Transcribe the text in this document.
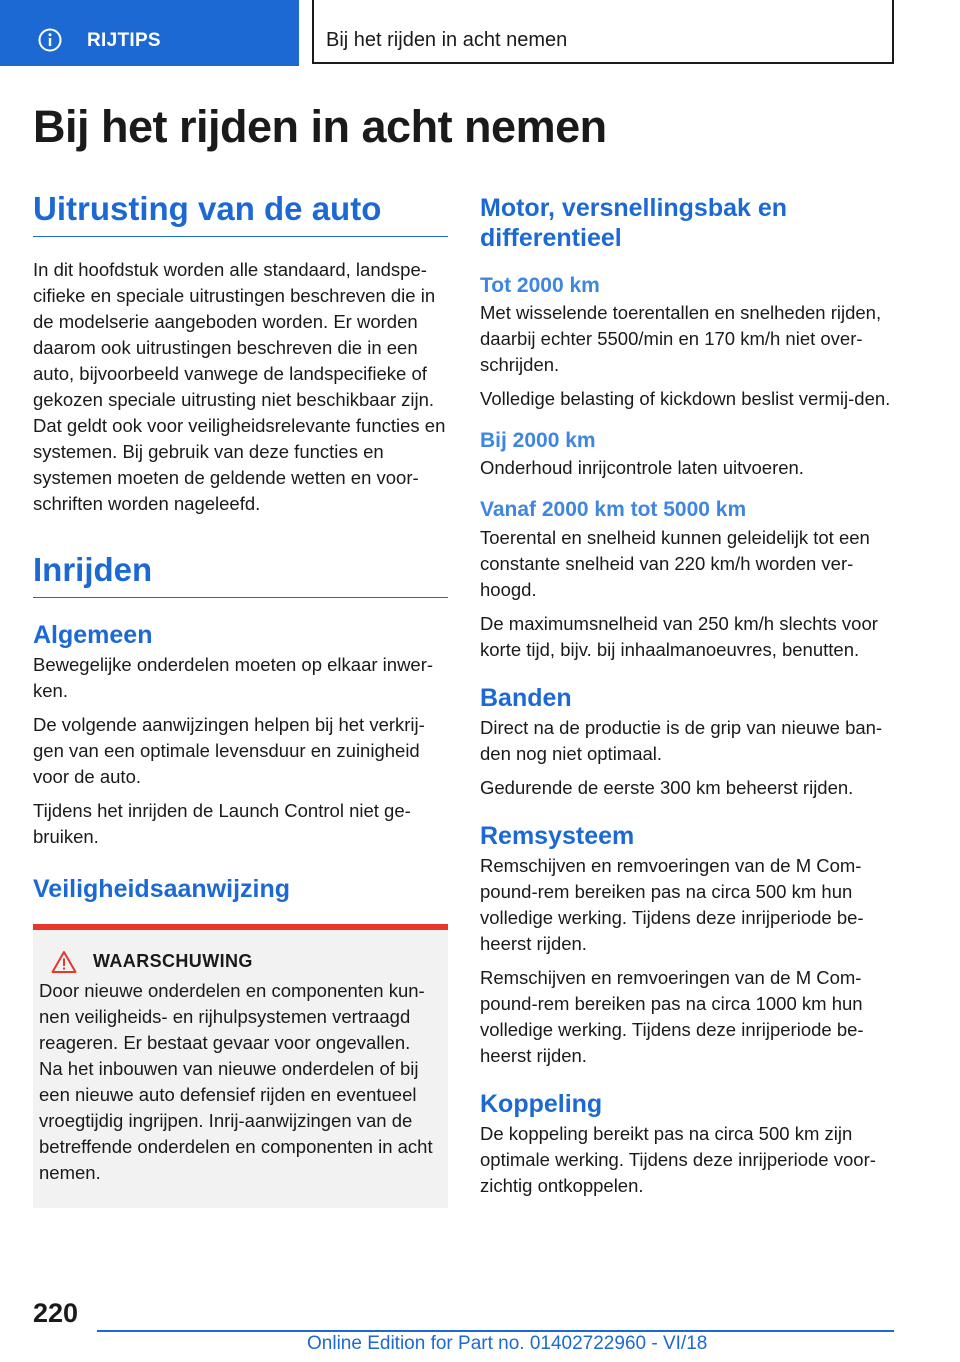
RIJTIPS	Bij het rijden in acht nemen
Bij het rijden in acht nemen
Uitrusting van de auto

In dit hoofdstuk worden alle standaard, landspe-cifieke en speciale uitrustingen beschreven die in de modelserie aangeboden worden. Er worden daarom ook uitrustingen beschreven die in een auto, bijvoorbeeld vanwege de landspecifieke of gekozen speciale uitrusting niet beschikbaar zijn. Dat geldt ook voor veiligheidsrelevante functies en systemen. Bij gebruik van deze functies en systemen moeten de geldende wetten en voor-schriften worden nageleefd.

Inrijden
Algemeen

Bewegelijke onderdelen moeten op elkaar inwer-ken.

De volgende aanwijzingen helpen bij het verkrij-gen van een optimale levensduur en zuinigheid voor de auto.

Tijdens het inrijden de Launch Control niet ge-bruiken.

Veiligheidsaanwijzing
WAARSCHUWING

Door nieuwe onderdelen en componenten kun-nen veiligheids- en rijhulpsystemen vertraagd reageren. Er bestaat gevaar voor ongevallen.

Na het inbouwen van nieuwe onderdelen of bij een nieuwe auto defensief rijden en eventueel vroegtijdig ingrijpen. Inrij-aanwijzingen van de betreffende onderdelen en componenten in acht nemen.

Motor, versnellingsbak en differentieel
Tot 2000 km

Met wisselende toerentallen en snelheden rijden, daarbij echter 5500/min en 170 km/h niet over-schrijden.

Volledige belasting of kickdown beslist vermij-den.

Bij 2000 km

Onderhoud inrijcontrole laten uitvoeren.

Vanaf 2000 km tot 5000 km

Toerental en snelheid kunnen geleidelijk tot een constante snelheid van 220 km/h worden ver-hoogd.

De maximumsnelheid van 250 km/h slechts voor korte tijd, bijv. bij inhaalmanoeuvres, benutten.

Banden

Direct na de productie is de grip van nieuwe ban-den nog niet optimaal.

Gedurende de eerste 300 km beheerst rijden.

Remsysteem

Remschijven en remvoeringen van de M Com-pound-rem bereiken pas na circa 500 km hun volledige werking. Tijdens deze inrijperiode be-heerst rijden.

Remschijven en remvoeringen van de M Com-pound-rem bereiken pas na circa 1000 km hun volledige werking. Tijdens deze inrijperiode be-heerst rijden.

Koppeling

De koppeling bereikt pas na circa 500 km zijn optimale werking. Tijdens deze inrijperiode voor-zichtig ontkoppelen.

220
Online Edition for Part no. 01402722960 - VI/18
